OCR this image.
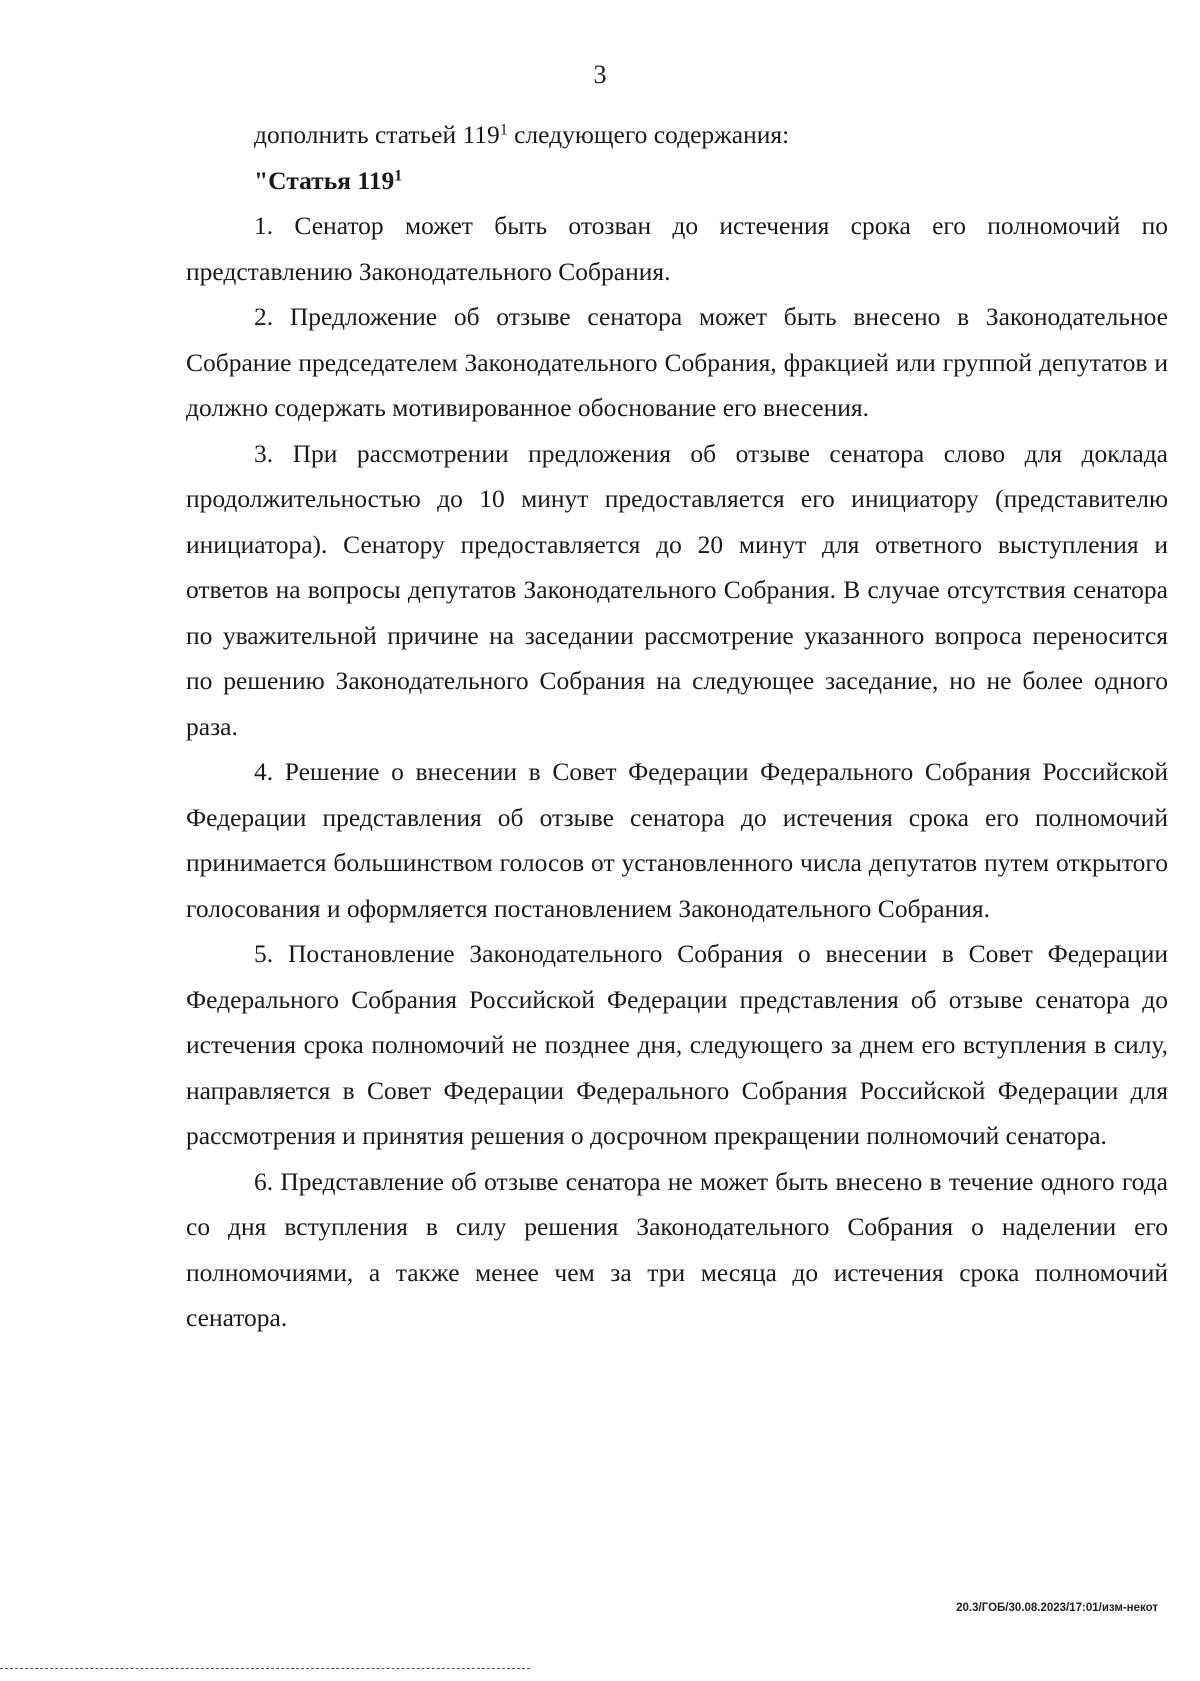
3

дополнить статьей $119^1$ следующего содержания:

"Статья $119^1$

1. Сенатор может быть отозван до истечения срока его полномочий по представлению Законодательного Собрания.

2. Предложение об отзыве сенатора может быть внесено в Законодательное Собрание председателем Законодательного Собрания, фракцией или группой депутатов и должно содержать мотивированное обоснование его внесения.

3. При рассмотрении предложения об отзыве сенатора слово для доклада продолжительностью до 10 минут предоставляется его инициатору (представителю инициатора). Сенатору предоставляется до 20 минут для ответного выступления и ответов на вопросы депутатов Законодательного Собрания. В случае отсутствия сенатора по уважительной причине на заседании рассмотрение указанного вопроса переносится по решению Законодательного Собрания на следующее заседание, но не более одного раза.

4. Решение о внесении в Совет Федерации Федерального Собрания Российской Федерации представления об отзыве сенатора до истечения срока его полномочий принимается большинством голосов от установленного числа депутатов путем открытого голосования и оформляется постановлением Законодательного Собрания.

5. Постановление Законодательного Собрания о внесении в Совет Федерации Федерального Собрания Российской Федерации представления об отзыве сенатора до истечения срока полномочий не позднее дня, следующего за днем его вступления в силу, направляется в Совет Федерации Федерального Собрания Российской Федерации для рассмотрения и принятия решения о досрочном прекращении полномочий сенатора.

6. Представление об отзыве сенатора не может быть внесено в течение одного года со дня вступления в силу решения Законодательного Собрания о наделении его полномочиями, а также менее чем за три месяца до истечения срока полномочий сенатора.

20.3/ГОБ/30.08.2023/17:01/изм-некот
